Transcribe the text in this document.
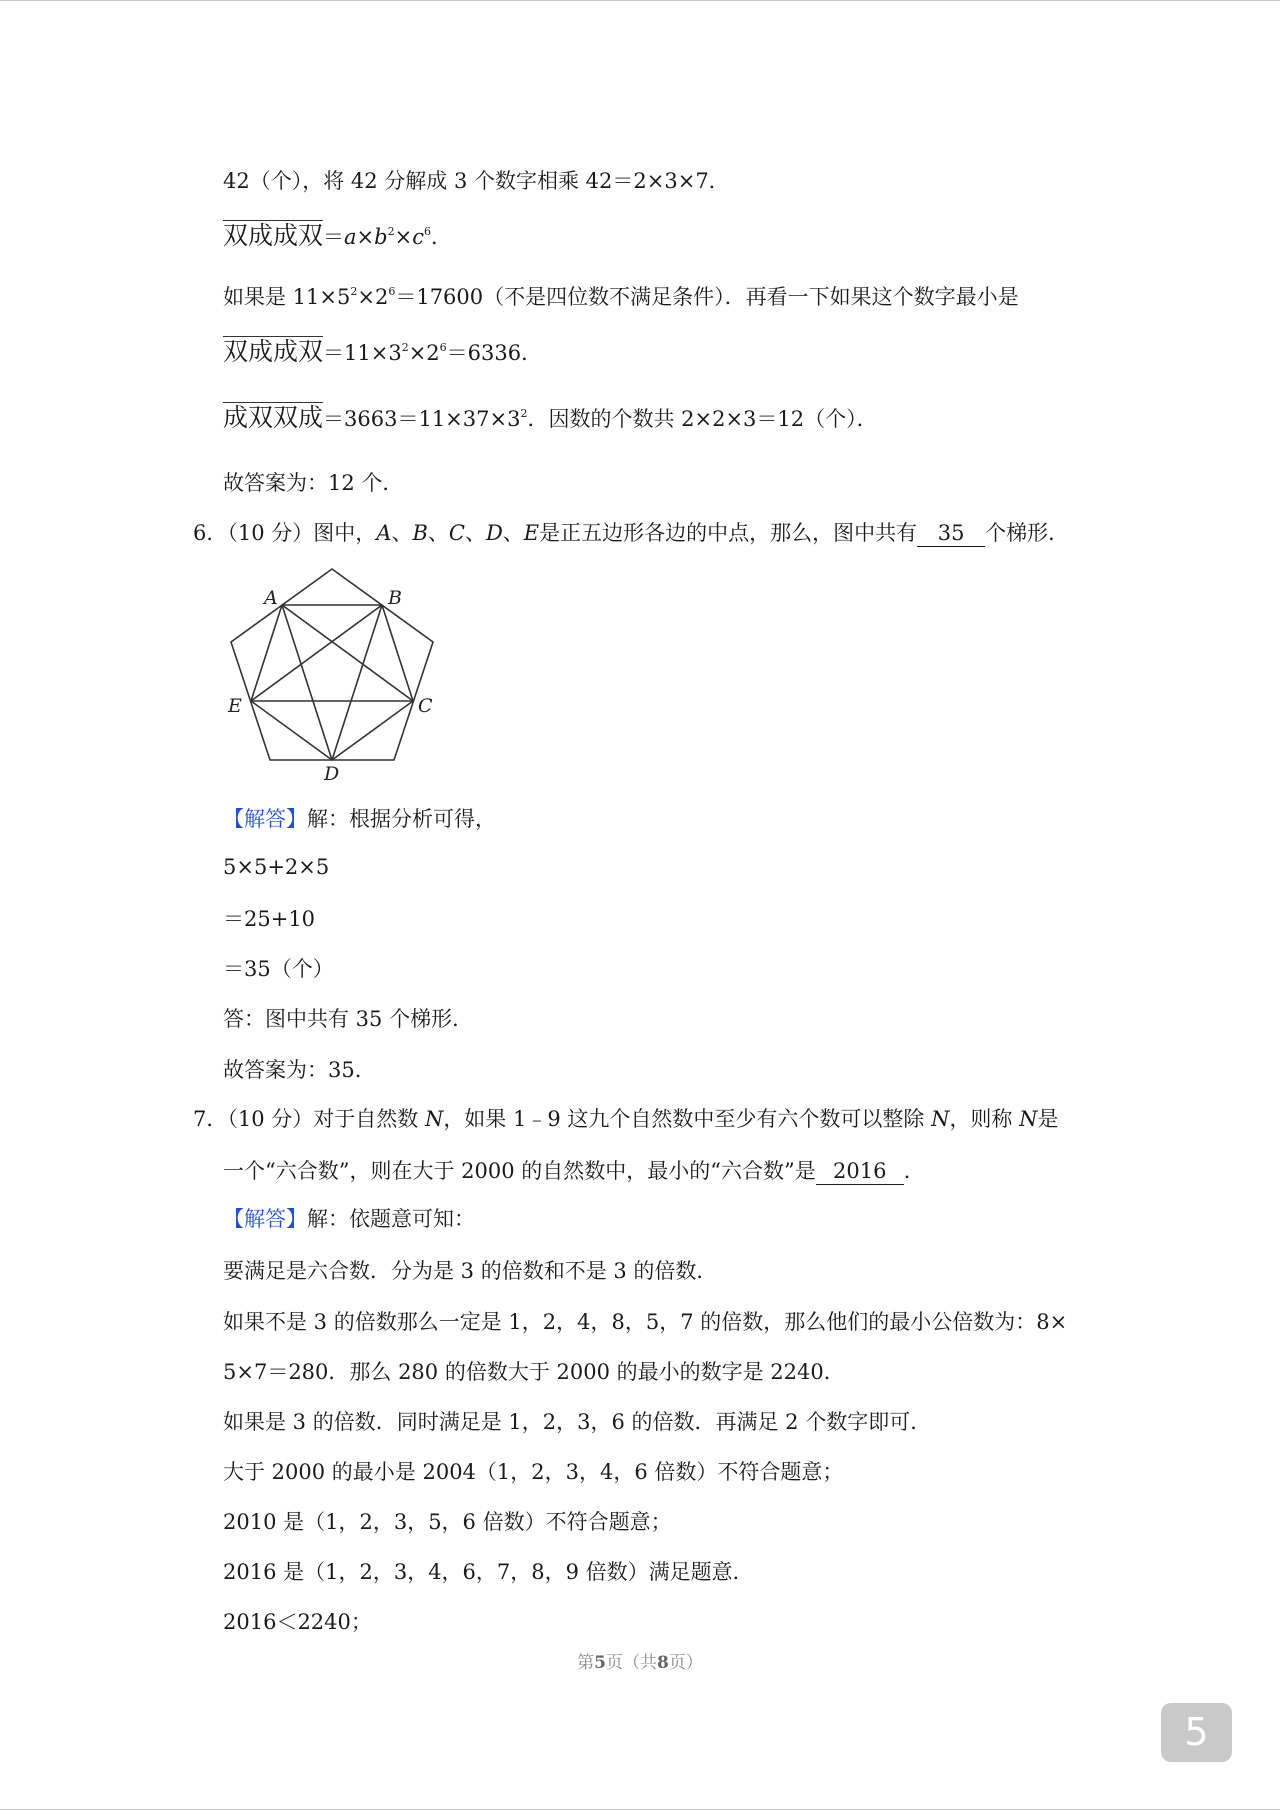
42（个），将 42 分解成 3 个数字相乘 42＝2×3×7．
双成成双$=a\times b^2\times c^6$．
如果是 $11\times 5^2\times 2^6=17600$（不是四位数不满足条件）．再看一下如果这个数字最小是
双成成双$=11\times 3^2\times 2^6=6336$．
成双双成$=3663=11\times 37\times 3^2$．因数的个数共 2×2×3＝12（个）．
故答案为：12 个．
6．（10 分）图中，A、B、C、D、E是正五边形各边的中点，那么，图中共有 35 个梯形．
A	B
C
D
E
【解答】解：根据分析可得，
5×5+2×5
＝25+10
＝35（个）
答：图中共有 35 个梯形．
故答案为：35．
7．（10 分）对于自然数 N，如果 1﹣9 这九个自然数中至少有六个数可以整除 N，则称 N是
一个“六合数”，则在大于 2000 的自然数中，最小的“六合数”是 2016 ．
【解答】解：依题意可知：
要满足是六合数．分为是 3 的倍数和不是 3 的倍数．
如果不是 3 的倍数那么一定是 1，2，4，8，5，7 的倍数，那么他们的最小公倍数为：8×
5×7＝280．那么 280 的倍数大于 2000 的最小的数字是 2240．
如果是 3 的倍数．同时满足是 1，2，3，6 的倍数．再满足 2 个数字即可．
大于 2000 的最小是 2004（1，2，3，4，6 倍数）不符合题意；
2010 是（1，2，3，5，6 倍数）不符合题意；
2016 是（1，2，3，4，6，7，8，9 倍数）满足题意．
2016＜2240；
第5页（共8页）
5
